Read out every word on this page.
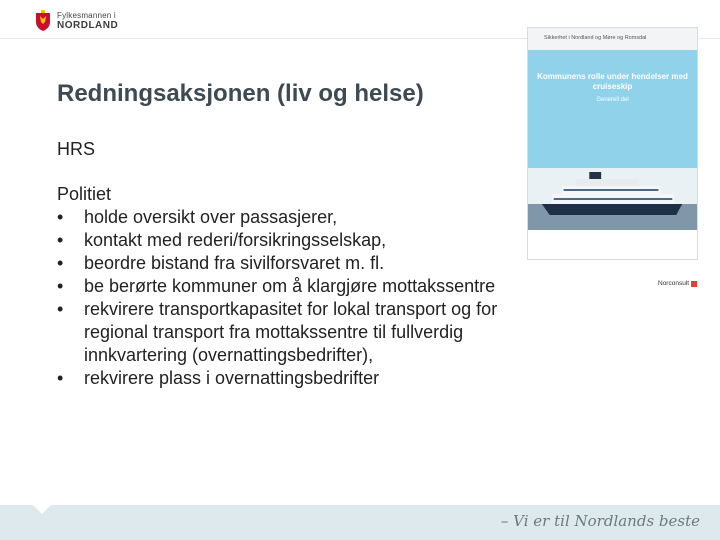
Fylkesmannen i
NORDLAND
Redningsaksjonen (liv og helse)
HRS
Politiet
•	holde oversikt over passasjerer,
•	kontakt med rederi/forsikringsselskap,
•	beordre bistand fra sivilforsvaret m. fl.
•	be berørte kommuner om å klargjøre mottakssentre
•	rekvirere transportkapasitet for lokal transport og for regional transport fra mottakssentre til fullverdig innkvartering (overnattingsbedrifter),
•	rekvirere plass i overnattingsbedrifter
Sikkerhet i Nordland og Møre og Romsdal
Kommunens rolle under hendelser med cruiseskip
Generell del
Norconsult
– Vi er til Nordlands beste
